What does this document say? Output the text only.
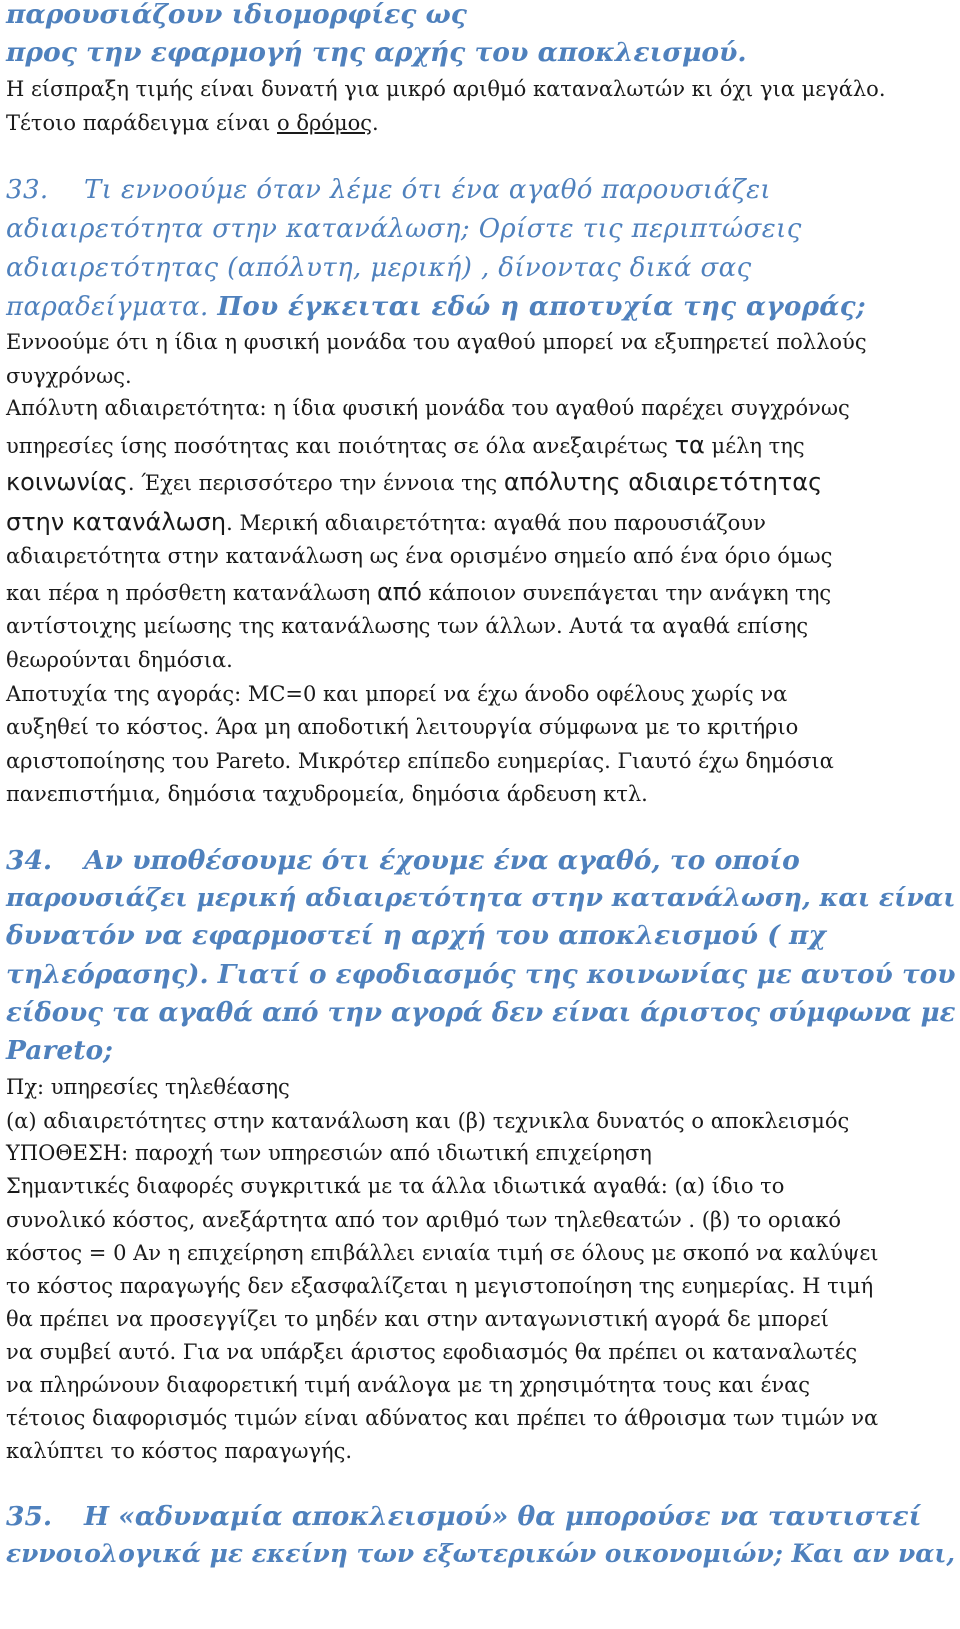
παρουσιάζουν ιδιομορφίες ως
προς την εφαρμογή της αρχής του αποκλεισμού.
Η είσπραξη τιμής είναι δυνατή για μικρό αριθμό καταναλωτών κι όχι για μεγάλο.
Τέτοιο παράδειγμα είναι ο δρόμος.
33. Τι εννοούμε όταν λέμε ότι ένα αγαθό παρουσιάζει
αδιαιρετότητα στην κατανάλωση; Ορίστε τις περιπτώσεις
αδιαιρετότητας (απόλυτη, μερική) , δίνοντας δικά σας
παραδείγματα. Που έγκειται εδώ η αποτυχία της αγοράς;
Εννοούμε ότι η ίδια η φυσική μονάδα του αγαθού μπορεί να εξυπηρετεί πολλούς
συγχρόνως.
Απόλυτη αδιαιρετότητα: η ίδια φυσική μονάδα του αγαθού παρέχει συγχρόνως
υπηρεσίες ίσης ποσότητας και ποιότητας σε όλα ανεξαιρέτως τα μέλη της
κοινωνίας. Έχει περισσότερο την έννοια της απόλυτης αδιαιρετότητας
στην κατανάλωση. Μερική αδιαιρετότητα: αγαθά που παρουσιάζουν
αδιαιρετότητα στην κατανάλωση ως ένα ορισμένο σημείο από ένα όριο όμως
και πέρα η πρόσθετη κατανάλωση από κάποιον συνεπάγεται την ανάγκη της
αντίστοιχης μείωσης της κατανάλωσης των άλλων. Αυτά τα αγαθά επίσης
θεωρούνται δημόσια.
Αποτυχία της αγοράς: MC=0 και μπορεί να έχω άνοδο οφέλους χωρίς να
αυξηθεί το κόστος. Άρα μη αποδοτική λειτουργία σύμφωνα με το κριτήριο
αριστοποίησης του Pareto. Μικρότερ επίπεδο ευημερίας. Γιαυτό έχω δημόσια
πανεπιστήμια, δημόσια ταχυδρομεία, δημόσια άρδευση κτλ.
34. Αν υποθέσουμε ότι έχουμε ένα αγαθό, το οποίο
παρουσιάζει μερική αδιαιρετότητα στην κατανάλωση, και είναι
δυνατόν να εφαρμοστεί η αρχή του αποκλεισμού ( πχ
τηλεόρασης). Γιατί ο εφοδιασμός της κοινωνίας με αυτού του
είδους τα αγαθά από την αγορά δεν είναι άριστος σύμφωνα με
Pareto;
Πχ: υπηρεσίες τηλεθέασης
(α) αδιαιρετότητες στην κατανάλωση και (β) τεχνικλα δυνατός ο αποκλεισμός
ΥΠΟΘΕΣΗ: παροχή των υπηρεσιών από ιδιωτική επιχείρηση
Σημαντικές διαφορές συγκριτικά με τα άλλα ιδιωτικά αγαθά: (α) ίδιο το
συνολικό κόστος, ανεξάρτητα από τον αριθμό των τηλεθεατών . (β) το οριακό
κόστος = 0 Αν η επιχείρηση επιβάλλει ενιαία τιμή σε όλους με σκοπό να καλύψει
το κόστος παραγωγής δεν εξασφαλίζεται η μεγιστοποίηση της ευημερίας. Η τιμή
θα πρέπει να προσεγγίζει το μηδέν και στην ανταγωνιστική αγορά δε μπορεί
να συμβεί αυτό. Για να υπάρξει άριστος εφοδιασμός θα πρέπει οι καταναλωτές
να πληρώνουν διαφορετική τιμή ανάλογα με τη χρησιμότητα τους και ένας
τέτοιος διαφορισμός τιμών είναι αδύνατος και πρέπει το άθροισμα των τιμών να
καλύπτει το κόστος παραγωγής.
35. Η «αδυναμία αποκλεισμού» θα μπορούσε να ταυτιστεί
εννοιολογικά με εκείνη των εξωτερικών οικονομιών; Και αν ναι,
